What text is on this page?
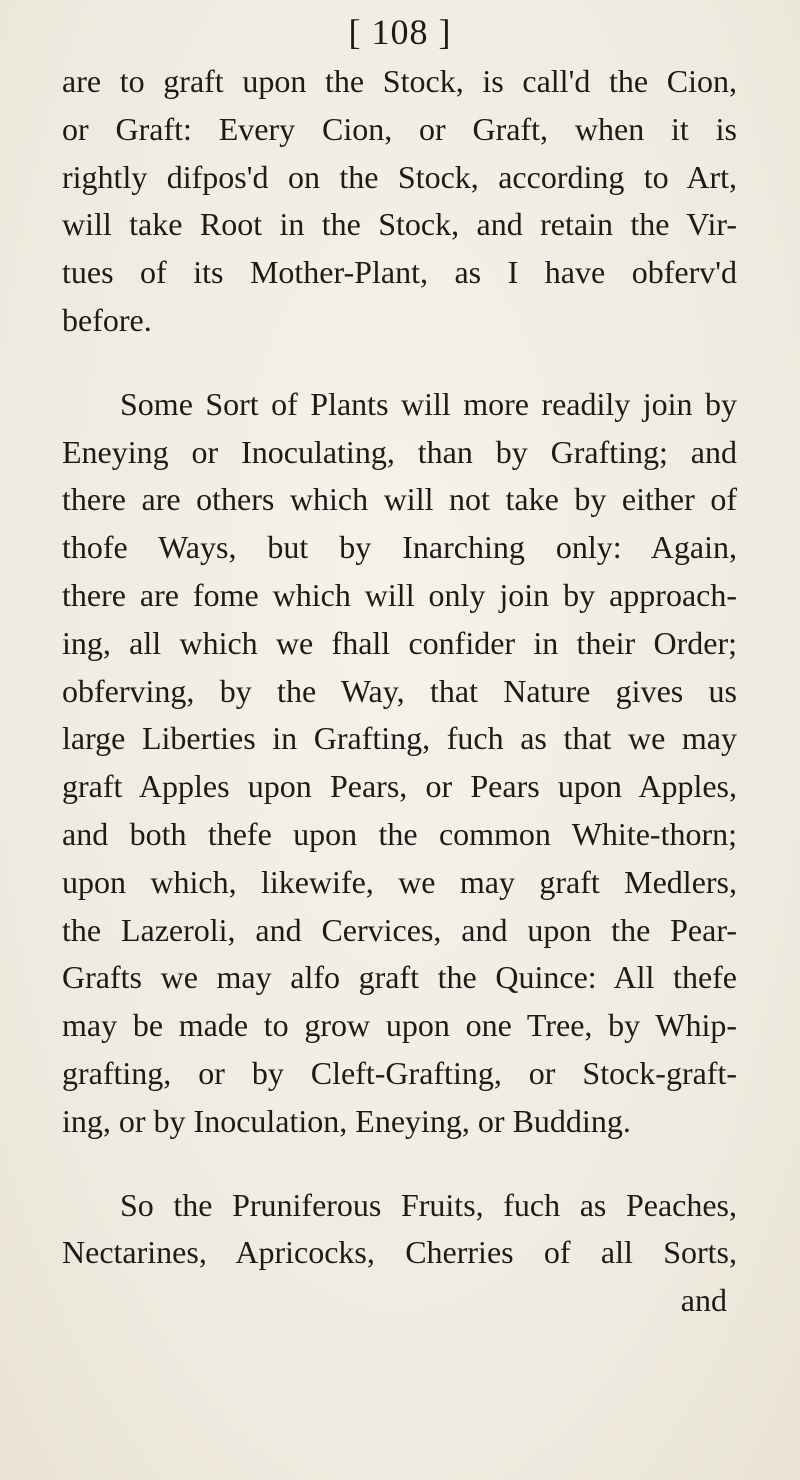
[ 108 ]
are to graft upon the Stock, is call'd the Cion,
or Graft: Every Cion, or Graft, when it is
rightly difpos'd on the Stock, according to Art,
will take Root in the Stock, and retain the Vir-
tues of its Mother-Plant, as I have obferv'd
before.
Some Sort of Plants will more readily join by
Eneying or Inoculating, than by Grafting; and
there are others which will not take by either of
thofe Ways, but by Inarching only: Again,
there are fome which will only join by approach-
ing, all which we fhall confider in their Order;
obferving, by the Way, that Nature gives us
large Liberties in Grafting, fuch as that we may
graft Apples upon Pears, or Pears upon Apples,
and both thefe upon the common White-thorn;
upon which, likewife, we may graft Medlers,
the Lazeroli, and Cervices, and upon the Pear-
Grafts we may alfo graft the Quince: All thefe
may be made to grow upon one Tree, by Whip-
grafting, or by Cleft-Grafting, or Stock-graft-
ing, or by Inoculation, Eneying, or Budding.
So the Pruniferous Fruits, fuch as Peaches,
Nectarines, Apricocks, Cherries of all Sorts,
and
